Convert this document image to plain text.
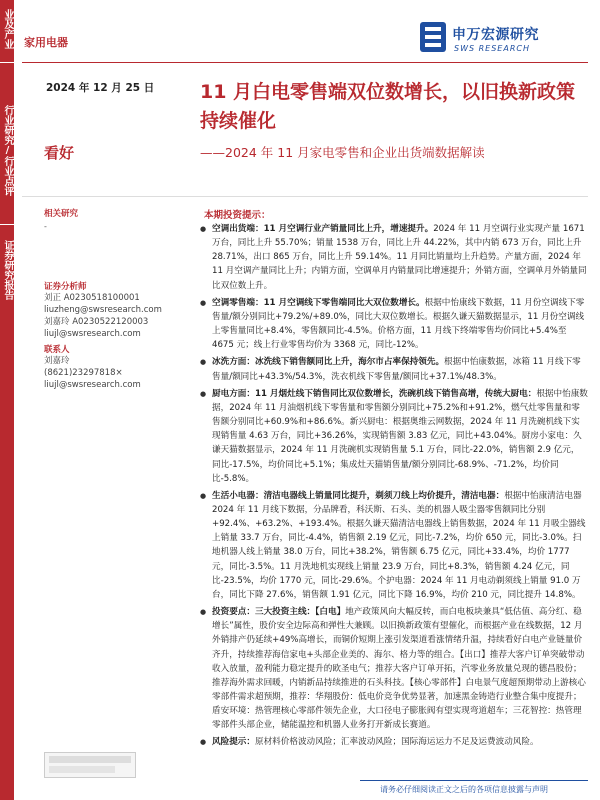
业及产业
行业研究/行业点评
证券研究报告
家用电器
2024 年 12 月 25 日
看好
申万宏源研究
SWS RESEARCH
11 月白电零售端双位数增长，以旧换新政策持续催化
——2024 年 11 月家电零售和企业出货端数据解读
相关研究
-
证券分析师
刘正 A0230518100001
liuzheng@swsresearch.com
刘嘉玲 A0230522120003
liujl@swsresearch.com
联系人
刘嘉玲
(8621)23297818×
liujl@swsresearch.com
本期投资提示：
● 空调出货端：11 月空调行业产销量同比上升，增速提升。2024 年 11 月空调行业实现产量 1671 万台，同比上升 55.70%；销量 1538 万台，同比上升 44.22%，其中内销 673 万台，同比上升 28.71%，出口 865 万台，同比上升 59.14%。11 月同比销量均上升趋势。产量方面，2024 年 11 月空调产量同比上升；内销方面，空调单月内销量同比增速提升；外销方面，空调单月外销量同比双位数上升。
● 空调零售端：11 月空调线下零售端同比大双位数增长。根据中怡康线下数据，11 月份空调线下零售量/额分别同比+79.2%/+89.0%，同比大双位数增长。根据久谦天猫数据显示，11 月份空调线上零售量同比+8.4%，零售额同比-4.5%。价格方面，11 月线下终端零售均价同比+5.4%至 4675 元；线上行业零售均价为 3368 元，同比-12%。
● 冰洗方面：冰洗线下销售额同比上升，海尔市占率保持领先。根据中怡康数据，冰箱 11 月线下零售量/额同比+43.3%/54.3%，洗衣机线下零售量/额同比+37.1%/48.3%。
● 厨电方面：11 月烟灶线下销售同比双位数增长，洗碗机线下销售高增，传统大厨电：根据中怡康数据，2024 年 11 月油烟机线下零售量和零售额分别同比+75.2%和+91.2%，燃气灶零售量和零售额分别同比+60.9%和+86.6%。新兴厨电：根据奥维云网数据，2024 年 11 月洗碗机线下实现销售量 4.63 万台，同比+36.26%，实现销售额 3.83 亿元，同比+43.04%。厨房小家电：久谦天猫数据显示，2024 年 11 月洗碗机实现销售量 5.1 万台，同比-22.0%，销售额 2.9 亿元，同比-17.5%，均价同比+5.1%；集成灶天猫销售量/额分别同比-68.9%、-71.2%，均价同比-5.8%。
● 生活小电器：清洁电器线上销量同比提升，剃须刀线上均价提升，清洁电器：根据中怡康清洁电器 2024 年 11 月线下数据，分品牌看，科沃斯、石头、美的机器人吸尘器零售额同比分别+92.4%、+63.2%、+193.4%。根据久谦天猫清洁电器线上销售数据，2024 年 11 月吸尘器线上销量 33.7 万台，同比-4.4%，销售额 2.19 亿元，同比-7.2%，均价 650 元，同比-3.0%。扫地机器人线上销量 38.0 万台，同比+38.2%，销售额 6.75 亿元，同比+33.4%，均价 1777 元，同比-3.5%。11 月洗地机实现线上销量 23.9 万台，同比+8.3%，销售额 4.24 亿元，同比-23.5%，均价 1770 元，同比-29.6%。个护电器：2024 年 11 月电动剃须线上销量 91.0 万台，同比下降 27.6%，销售额 1.91 亿元，同比下降 16.9%，均价 210 元，同比提升 14.8%。
● 投资要点：三大投资主线：【白电】地产政策风向大幅反转，而白电板块兼具“低估值、高分红、稳增长”属性，股价安全边际高和弹性大兼顾。以旧换新政策有望催化，而根据产业在线数据，12 月外销排产仍延续+49%高增长，而铜价短期上涨引发渠道看涨情绪升温，持续看好白电产业链量价齐升，持续推荐海信家电+头部企业美的、海尔、格力等的组合。【出口】推荐大客户订单突破带动收入放量，盈利能力稳定提升的欧圣电气；推荐大客户订单开拓，汽零业务放量兑现的德昌股份；推荐海外需求回暖，内销新品持续推进的石头科技。【核心零部件】白电景气度超预期带动上游核心零部件需求超预期，推荐：华翔股份：低电价竞争优势显著，加速黑金铸造行业整合集中度提升；盾安环境：热管理核心零部件领先企业，大口径电子膨胀阀有望实现弯道超车；三花智控：热管理零部件头部企业，储能温控和机器人业务打开新成长赛道。
● 风险提示：原材料价格波动风险；汇率波动风险；国际海运运力不足及运费波动风险。
请务必仔细阅读正文之后的各项信息披露与声明
